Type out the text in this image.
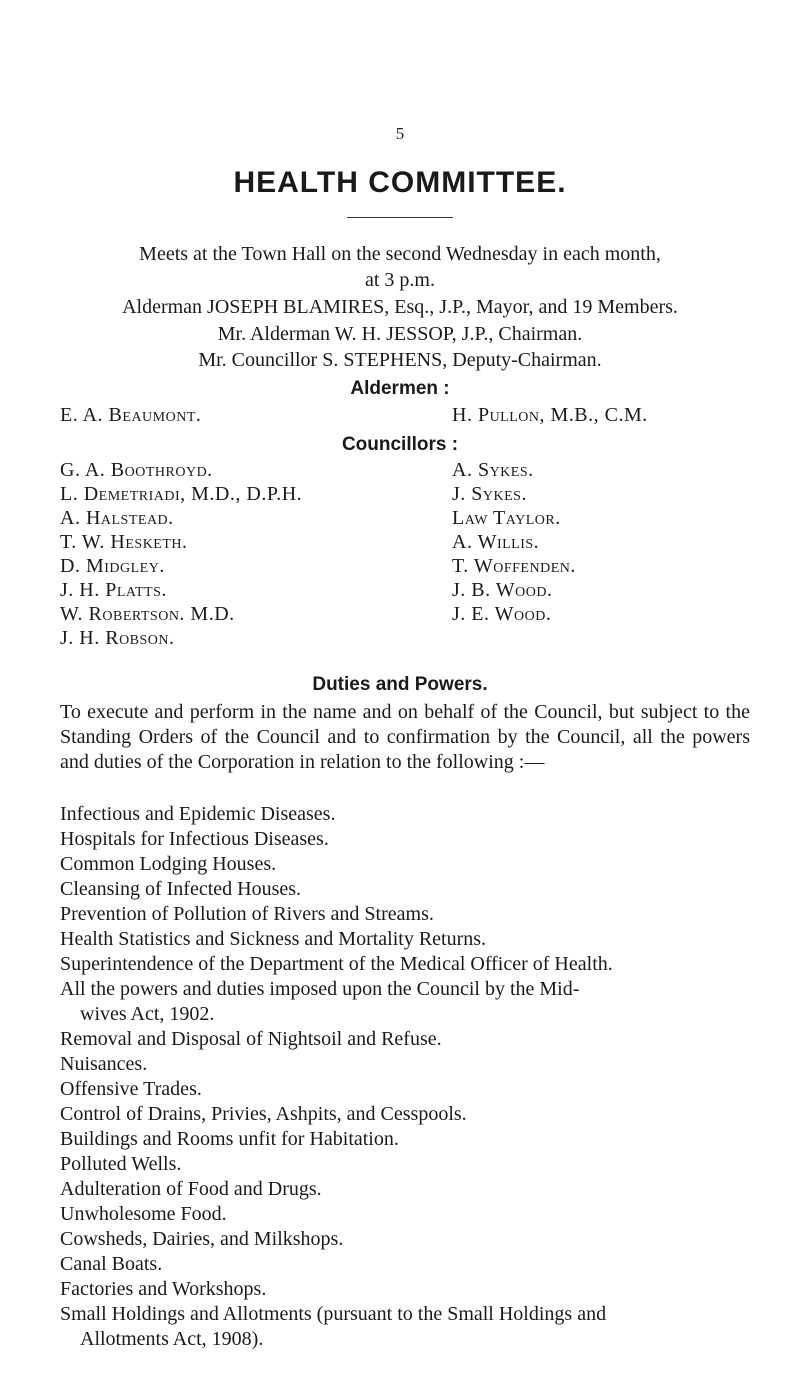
5
HEALTH COMMITTEE.
Meets at the Town Hall on the second Wednesday in each month,
at 3 p.m.
Alderman JOSEPH BLAMIRES, Esq., J.P., Mayor, and 19 Members.
Mr. Alderman W. H. JESSOP, J.P., Chairman.
Mr. Councillor S. STEPHENS, Deputy-Chairman.
Aldermen :
E. A. Beaumont.	H. Pullon, M.B., C.M.
Councillors :
G. A. Boothroyd.
L. Demetriadi, M.D., D.P.H.
A. Halstead.
T. W. Hesketh.
D. Midgley.
J. H. Platts.
W. Robertson. M.D.
J. H. Robson.
A. Sykes.
J. Sykes.
Law Taylor.
A. Willis.
T. Woffenden.
J. B. Wood.
J. E. Wood.
Duties and Powers.
To execute and perform in the name and on behalf of the Council, but subject to the Standing Orders of the Council and to confirmation by the Council, all the powers and duties of the Corporation in relation to the following :—

Infectious and Epidemic Diseases.

Hospitals for Infectious Diseases.

Common Lodging Houses.

Cleansing of Infected Houses.

Prevention of Pollution of Rivers and Streams.

Health Statistics and Sickness and Mortality Returns.

Superintendence of the Department of the Medical Officer of Health.

All the powers and duties imposed upon the Council by the Mid-

wives Act, 1902.

Removal and Disposal of Nightsoil and Refuse.

Nuisances.

Offensive Trades.

Control of Drains, Privies, Ashpits, and Cesspools.

Buildings and Rooms unfit for Habitation.

Polluted Wells.

Adulteration of Food and Drugs.

Unwholesome Food.

Cowsheds, Dairies, and Milkshops.

Canal Boats.

Factories and Workshops.

Small Holdings and Allotments (pursuant to the Small Holdings and

Allotments Act, 1908).
